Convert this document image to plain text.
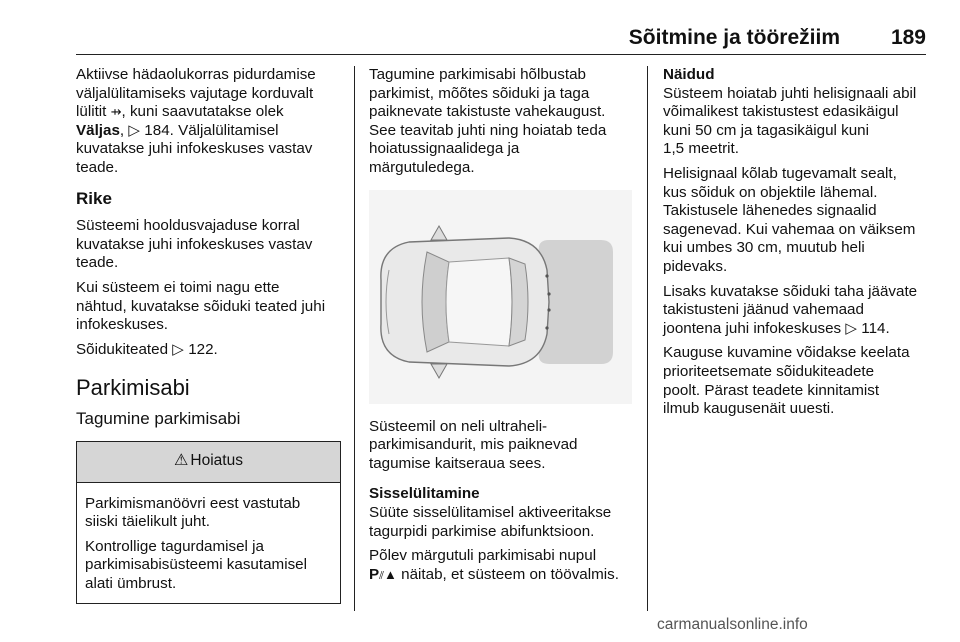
Sõitmine ja töörežiim 189

Aktiivse hädaolukorras pidurdamise
väljalülitamiseks vajutage korduvalt
lülitit ⇸, kuni saavutatakse olek
Väljas, ▷ 184. Väljalülitamisel
kuvatakse juhi infokeskuses vastav
teade.

Rike

Süsteemi hooldusvajaduse korral
kuvatakse juhi infokeskuses vastav
teade.

Kui süsteem ei toimi nagu ette
nähtud, kuvatakse sõiduki teated juhi
infokeskuses.

Sõidukiteated ▷ 122.

Parkimisabi
Tagumine parkimisabi
⚠ Hoiatus

Parkimismanöövri eest vastutab
siiski täielikult juht.

Kontrollige tagurdamisel ja
parkimisabisüsteemi kasutamisel
alati ümbrust.

Tagumine parkimisabi hõlbustab
parkimist, mõõtes sõiduki ja taga
paiknevate takistuste vahekaugust.
See teavitab juhti ning hoiatab teda
hoiatussignaalidega ja
märgutuledega.

Süsteemil on neli ultraheli-
parkimisandurit, mis paiknevad
tagumise kaitseraua sees.

Sisselülitamine

Süüte sisselülitamisel aktiveeritakse
tagurpidi parkimise abifunktsioon.

Põlev märgutuli parkimisabi nupul
P⫽▲ näitab, et süsteem on töövalmis.

Näidud

Süsteem hoiatab juhti helisignaali abil
võimalikest takistustest edasikäigul
kuni 50 cm ja tagasikäigul kuni
1,5 meetrit.

Helisignaal kõlab tugevamalt sealt,
kus sõiduk on objektile lähemal.
Takistusele lähenedes signaalid
sagenevad. Kui vahemaa on väiksem
kui umbes 30 cm, muutub heli
pidevaks.

Lisaks kuvatakse sõiduki taha jäävate
takistusteni jäänud vahemaad
joontena juhi infokeskuses ▷ 114.

Kauguse kuvamine võidakse keelata
prioriteetsemate sõidukiteadete
poolt. Pärast teadete kinnitamist
ilmub kaugusenäit uuesti.

carmanualsonline.info
